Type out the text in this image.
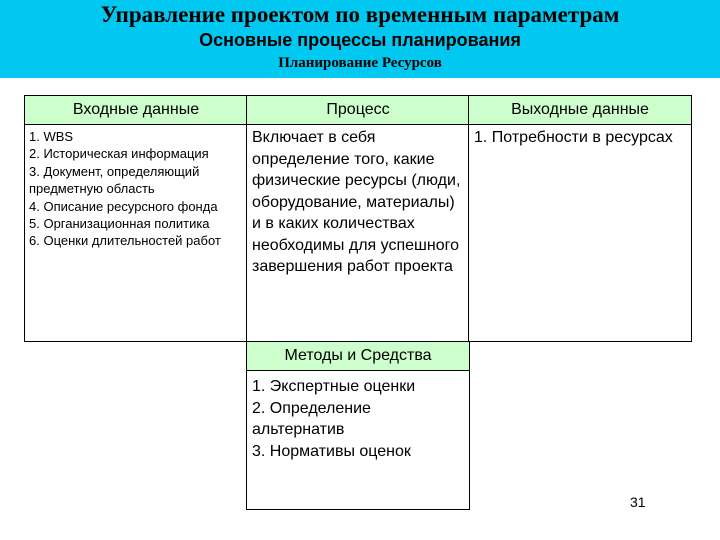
Управление проектом по временным параметрам
Основные процессы планирования
Планирование Ресурсов
Входные данные
1. WBS
2. Историческая информация
3. Документ, определяющий предметную область
4. Описание ресурсного фонда
5. Организационная политика
6. Оценки длительностей работ
Процесс
Включает в себя определение того, какие физические ресурсы (люди, оборудование, материалы) и в каких количествах необходимы для успешного завершения работ проекта
Выходные данные
1. Потребности в ресурсах
Методы и Средства
1. Экспертные оценки
2. Определение альтернатив
3. Нормативы оценок
31
